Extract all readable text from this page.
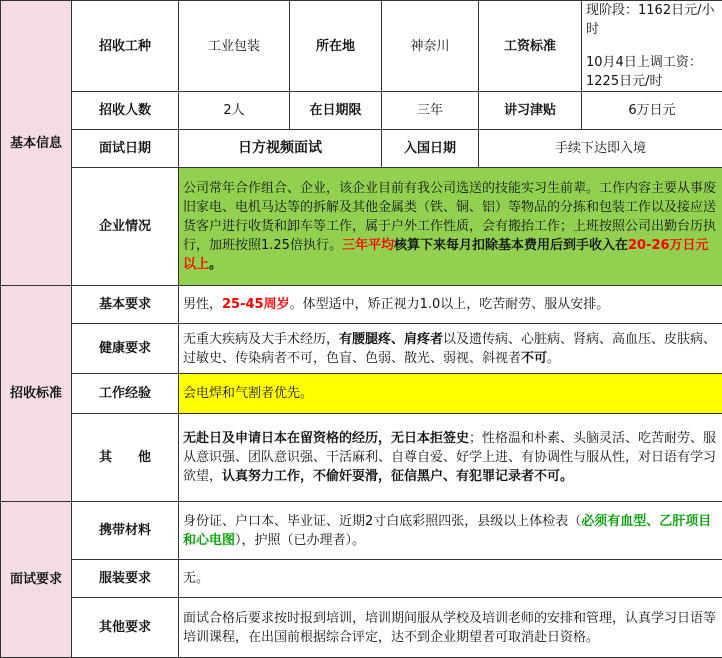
基本信息	招收工种	工业包装	所在地	神奈川	工资标准	现阶段：1162日元/小时
10月4日上调工资：1225日元/时

	招收人数	2人	在日期限	三年	讲习津贴	6万日元
	面试日期	日方视频面试		入国日期	手续下达即入境	
	企业情况	公司常年合作组合、企业，该企业目前有我公司选送的技能实习生前辈。工作内容主要从事废旧家电、电机马达等的拆解及其他金属类（铁、铜、铝）等物品的分拣和包装工作以及接应送货客户进行收货和卸车等工作，属于户外工作性质，会有搬抬工作；上班按照公司出勤台历执行，加班按照1.25倍执行。三年平均核算下来每月扣除基本费用后到手收入在20-26万日元以上。				
招收标准	基本要求	男性，25-45周岁。体型适中，矫正视力1.0以上，吃苦耐劳、服从安排。				
	健康要求	无重大疾病及大手术经历，有腰腿疼、肩疼者以及遗传病、心脏病、肾病、高血压、皮肤病、过敏史、传染病者不可，色盲、色弱、散光、弱视、斜视者不可。				
	工作经验	会电焊和气割者优先。				
	其　　他	无赴日及申请日本在留资格的经历，无日本拒签史；性格温和朴素、头脑灵活、吃苦耐劳、服从意识强、团队意识强、干活麻利、自尊自爱、好学上进、有协调性与服从性，对日语有学习欲望，认真努力工作，不偷奸耍滑，征信黑户、有犯罪记录者不可。				
面试要求	携带材料	身份证、户口本、毕业证、近期2寸白底彩照四张，县级以上体检表（必须有血型、乙肝项目和心电图），护照（已办理者）。				
	服装要求	无。				
	其他要求	面试合格后要求按时报到培训，培训期间服从学校及培训老师的安排和管理，认真学习日语等培训课程，在出国前根据综合评定，达不到企业期望者可取消赴日资格。				
